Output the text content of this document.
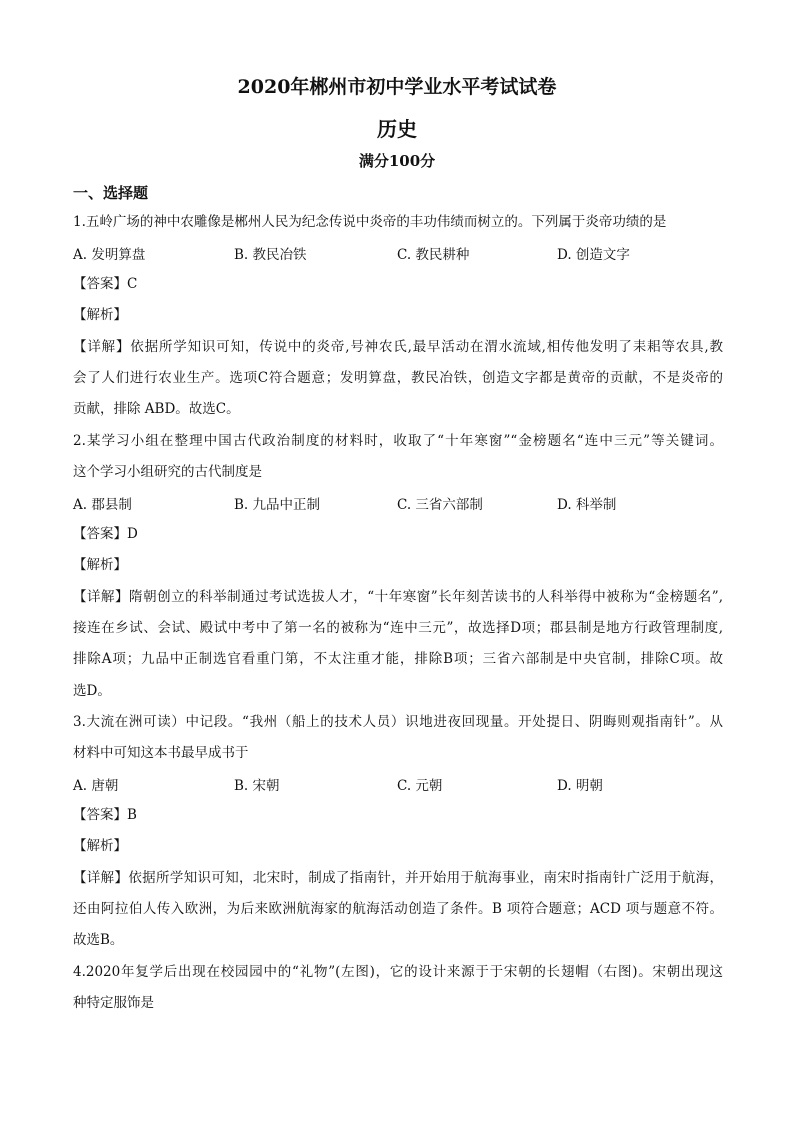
2020年郴州市初中学业水平考试试卷
历史
满分100分
一、选择题
1.五岭广场的神中农雕像是郴州人民为纪念传说中炎帝的丰功伟绩而树立的。下列属于炎帝功绩的是
A. 发明算盘	B. 教民冶铁	C. 教民耕种	D. 创造文字
【答案】C
【解析】
【详解】依据所学知识可知，传说中的炎帝,号神农氏,最早活动在渭水流域,相传他发明了耒耜等农具,教
会了人们进行农业生产。选项C符合题意；发明算盘，教民冶铁，创造文字都是黄帝的贡献，不是炎帝的
贡献，排除 ABD。故选C。
2.某学习小组在整理中国古代政治制度的材料时，收取了“十年寒窗”“金榜题名“连中三元”等关键词。
这个学习小组研究的古代制度是
A. 郡县制	B. 九品中正制	C. 三省六部制	D. 科举制
【答案】D
【解析】
【详解】隋朝创立的科举制通过考试选拔人才，“十年寒窗”长年刻苦读书的人科举得中被称为“金榜题名”,
接连在乡试、会试、殿试中考中了第一名的被称为“连中三元”，故选择D项；郡县制是地方行政管理制度,
排除A项；九品中正制选官看重门第，不太注重才能，排除B项；三省六部制是中央官制，排除C项。故
选D。
3.大流在洲可读）中记段。“我州（船上的技术人员）识地进夜回现量。开处提日、阴晦则观指南针”。从
材料中可知这本书最早成书于
A. 唐朝	B. 宋朝	C. 元朝	D. 明朝
【答案】B
【解析】
【详解】依据所学知识可知，北宋时，制成了指南针，并开始用于航海事业，南宋时指南针广泛用于航海，
还由阿拉伯人传入欧洲，为后来欧洲航海家的航海活动创造了条件。B 项符合题意；ACD 项与题意不符。
故选B。
4.2020年复学后出现在校园园中的“礼物”(左图)，它的设计来源于于宋朝的长翅帽（右图)。宋朝出现这
种特定服饰是
